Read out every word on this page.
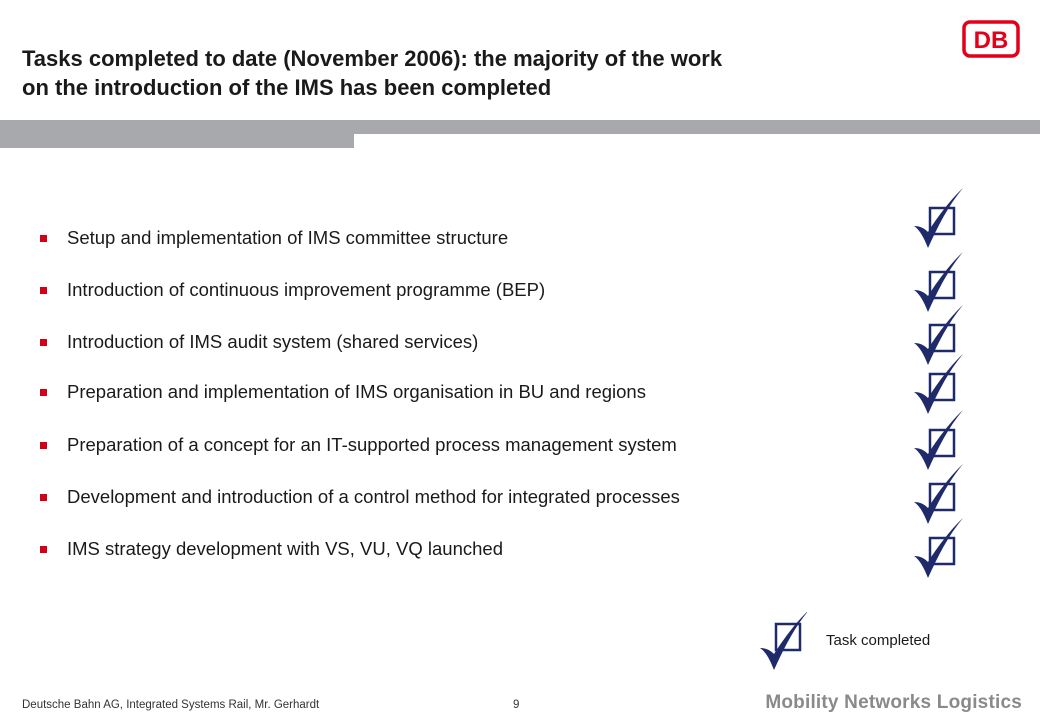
Tasks completed to date (November 2006): the majority of the work
on the introduction of the IMS has been completed
DB
Setup and implementation of IMS committee structure
Introduction of continuous improvement programme (BEP)
Introduction of IMS audit system (shared services)
Preparation and implementation of IMS organisation in BU and regions
Preparation of a concept for an IT-supported process management system
Development and introduction of a control method for integrated processes
IMS strategy development with VS, VU, VQ launched
Task completed
Deutsche Bahn AG, Integrated Systems Rail, Mr. Gerhardt	9	Mobility Networks Logistics
